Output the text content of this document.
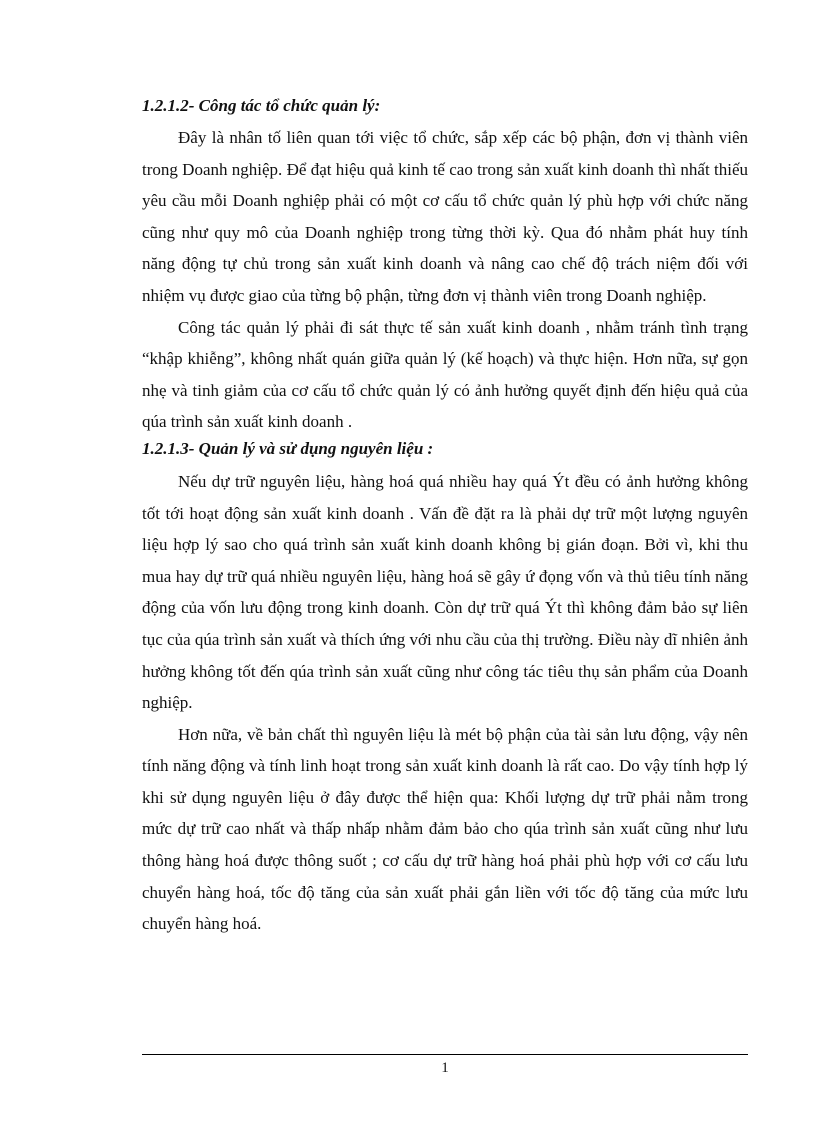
1.2.1.2- Công tác tổ chức quản lý:

Đây là nhân tố liên quan tới việc tổ chức, sắp xếp các bộ phận, đơn vị thành viên trong Doanh nghiệp. Để đạt hiệu quả kinh tế cao trong sản xuất kinh doanh thì nhất thiếu yêu cầu mỗi Doanh nghiệp phải có một cơ cấu tổ chức quản lý phù hợp với chức năng cũng như quy mô của Doanh nghiệp trong từng thời kỳ. Qua đó nhằm phát huy tính năng động tự chủ trong sản xuất kinh doanh và nâng cao chế độ trách niệm đối với nhiệm vụ được giao của từng bộ phận, từng đơn vị thành viên trong Doanh nghiệp.

Công tác quản lý phải đi sát thực tế sản xuất kinh doanh , nhằm tránh tình trạng “khập khiễng”, không nhất quán giữa quản lý (kế hoạch) và thực hiện. Hơn nữa, sự gọn nhẹ và tinh giảm của cơ cấu tổ chức quản lý có ảnh hưởng quyết định đến hiệu quả của qúa trình sản xuất kinh doanh .

1.2.1.3- Quản lý và sử dụng nguyên liệu :

Nếu dự trữ nguyên liệu, hàng hoá quá nhiều hay quá Ýt đều có ảnh hưởng không tốt tới hoạt động sản xuất kinh doanh . Vấn đề đặt ra là phải dự trữ một lượng nguyên liệu hợp lý sao cho quá trình sản xuất kinh doanh không bị gián đoạn. Bởi vì, khi thu mua hay dự trữ quá nhiều nguyên liệu, hàng hoá sẽ gây ứ đọng vốn và thủ tiêu tính năng động của vốn lưu động trong kinh doanh. Còn dự trữ quá Ýt thì không đảm bảo sự liên tục của qúa trình sản xuất và thích ứng với nhu cầu của thị trường. Điều này dĩ nhiên ảnh hưởng không tốt đến qúa trình sản xuất cũng như công tác tiêu thụ sản phẩm của Doanh nghiệp.

Hơn nữa, về bản chất thì nguyên liệu là mét bộ phận của tài sản lưu động, vậy nên tính năng động và tính linh hoạt trong sản xuất kinh doanh là rất cao. Do vậy tính hợp lý khi sử dụng nguyên liệu ở đây được thể hiện qua: Khối lượng dự trữ phải nằm trong mức dự trữ cao nhất và thấp nhấp nhằm đảm bảo cho qúa trình sản xuất cũng như lưu thông hàng hoá được thông suốt ; cơ cấu dự trữ hàng hoá phải phù hợp với cơ cấu lưu chuyển hàng hoá, tốc độ tăng của sản xuất phải gắn liền với tốc độ tăng của mức lưu chuyển hàng hoá.

1
